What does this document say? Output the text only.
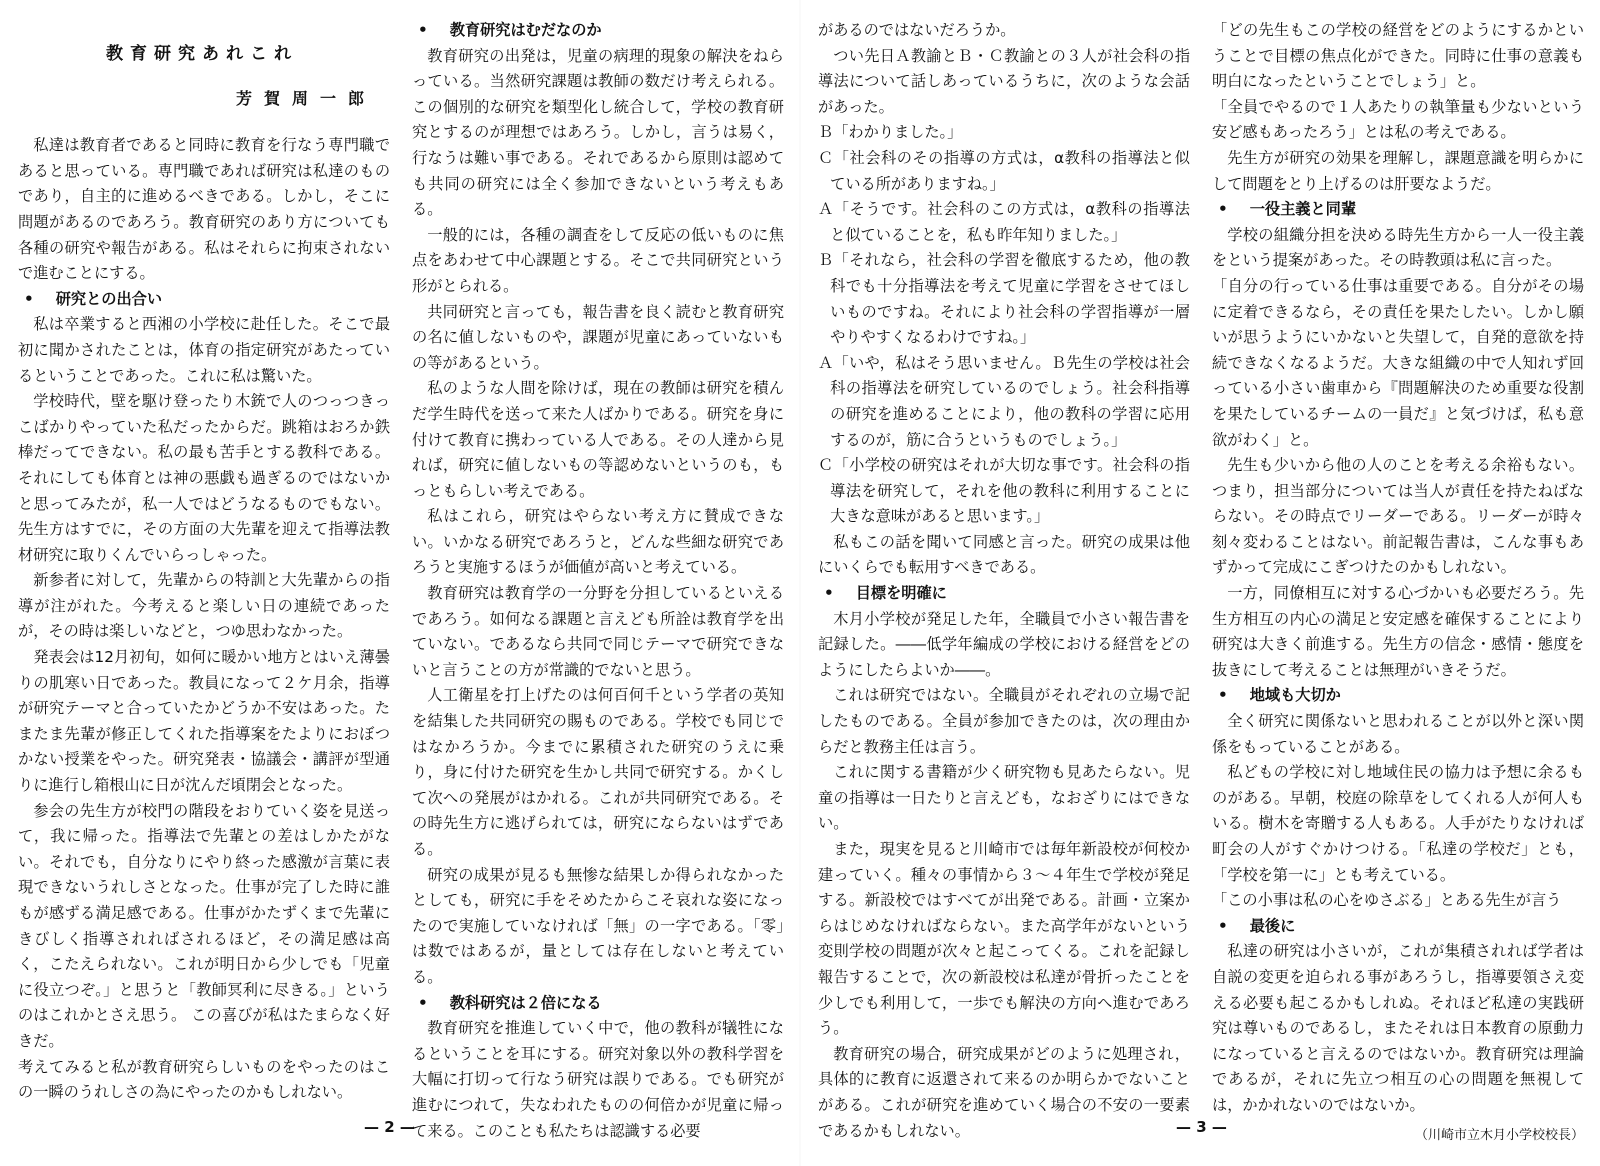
教育研究あれこれ

芳賀周一郎

私達は教育者であると同時に教育を行なう専門職であると思っている。専門職であれば研究は私達のものであり，自主的に進めるべきである。しかし，そこに問題があるのであろう。教育研究のあり方についても各種の研究や報告がある。私はそれらに拘束されないで進むことにする。

• 研究との出合い

私は卒業すると西湘の小学校に赴任した。そこで最初に聞かされたことは，体育の指定研究があたっているということであった。これに私は驚いた。

学校時代，壁を駆け登ったり木銃で人のつっつきっこばかりやっていた私だったからだ。跳箱はおろか鉄棒だってできない。私の最も苦手とする教科である。それにしても体育とは神の悪戯も過ぎるのではないかと思ってみたが，私一人ではどうなるものでもない。先生方はすでに，その方面の大先輩を迎えて指導法教材研究に取りくんでいらっしゃった。

新参者に対して，先輩からの特訓と大先輩からの指導が注がれた。今考えると楽しい日の連続であったが，その時は楽しいなどと，つゆ思わなかった。

発表会は12月初旬，如何に暖かい地方とはいえ薄曇りの肌寒い日であった。教員になって２ケ月余，指導が研究テーマと合っていたかどうか不安はあった。たまたま先輩が修正してくれた指導案をたよりにおぼつかない授業をやった。研究発表・協議会・講評が型通りに進行し箱根山に日が沈んだ頃閉会となった。

参会の先生方が校門の階段をおりていく姿を見送って，我に帰った。指導法で先輩との差はしかたがない。それでも，自分なりにやり終った感激が言葉に表現できないうれしさとなった。仕事が完了した時に誰もが感ずる満足感である。仕事がかたずくまで先輩にきびしく指導されればされるほど，その満足感は高く，こたえられない。これが明日から少しでも「児童に役立つぞ。」と思うと「教師冥利に尽きる。」というのはこれかとさえ思う。 この喜びが私はたまらなく好きだ。

考えてみると私が教育研究らしいものをやったのはこの一瞬のうれしさの為にやったのかもしれない。

• 教育研究はむだなのか

教育研究の出発は，児童の病理的現象の解決をねらっている。当然研究課題は教師の数だけ考えられる。この個別的な研究を類型化し統合して，学校の教育研究とするのが理想ではあろう。しかし，言うは易く，行なうは難い事である。それであるから原則は認めても共同の研究には全く参加できないという考えもある。

一般的には，各種の調査をして反応の低いものに焦点をあわせて中心課題とする。そこで共同研究という形がとられる。

共同研究と言っても，報告書を良く読むと教育研究の名に値しないものや，課題が児童にあっていないもの等があるという。

私のような人間を除けば，現在の教師は研究を積んだ学生時代を送って来た人ばかりである。研究を身に付けて教育に携わっている人である。その人達から見れば，研究に値しないもの等認めないというのも，もっともらしい考えである。

私はこれら，研究はやらない考え方に賛成できない。いかなる研究であろうと，どんな些細な研究であろうと実施するほうが価値が高いと考えている。

教育研究は教育学の一分野を分担しているといえるであろう。如何なる課題と言えども所詮は教育学を出ていない。であるなら共同で同じテーマで研究できないと言うことの方が常識的でないと思う。

人工衛星を打上げたのは何百何千という学者の英知を結集した共同研究の賜ものである。学校でも同じではなかろうか。今までに累積された研究のうえに乗り，身に付けた研究を生かし共同で研究する。かくして次への発展がはかれる。これが共同研究である。その時先生方に逃げられては，研究にならないはずである。

研究の成果が見るも無惨な結果しか得られなかったとしても，研究に手をそめたからこそ哀れな姿になったので実施していなければ「無」の一字である。「零」は数ではあるが，量としては存在しないと考えている。

• 教科研究は２倍になる

教育研究を推進していく中で，他の教科が犠牲になるということを耳にする。研究対象以外の教科学習を大幅に打切って行なう研究は誤りである。でも研究が進むにつれて，失なわれたものの何倍かが児童に帰って来る。このことも私たちは認識する必要

があるのではないだろうか。

つい先日Ａ教諭とＢ・Ｃ教諭との３人が社会科の指導法について話しあっているうちに，次のような会話があった。

Ｂ「わかりました。」

Ｃ「社会科のその指導の方式は，α教科の指導法と似ている所がありますね。」

Ａ「そうです。社会科のこの方式は，α教科の指導法と似ていることを，私も昨年知りました。」

Ｂ「それなら，社会科の学習を徹底するため，他の教科でも十分指導法を考えて児童に学習をさせてほしいものですね。それにより社会科の学習指導が一層やりやすくなるわけですね。」

Ａ「いや，私はそう思いません。Ｂ先生の学校は社会科の指導法を研究しているのでしょう。社会科指導の研究を進めることにより，他の教科の学習に応用するのが，筋に合うというものでしょう。」

Ｃ「小学校の研究はそれが大切な事です。社会科の指導法を研究して，それを他の教科に利用することに大きな意味があると思います。」

私もこの話を聞いて同感と言った。研究の成果は他にいくらでも転用すべきである。

• 目標を明確に

木月小学校が発足した年，全職員で小さい報告書を記録した。――低学年編成の学校における経営をどのようにしたらよいか――。

これは研究ではない。全職員がそれぞれの立場で記したものである。全員が参加できたのは，次の理由からだと教務主任は言う。

これに関する書籍が少く研究物も見あたらない。児童の指導は一日たりと言えども，なおざりにはできない。

また，現実を見ると川崎市では毎年新設校が何校か建っていく。種々の事情から３～４年生で学校が発足する。新設校ではすべてが出発である。計画・立案からはじめなければならない。また高学年がないという変則学校の問題が次々と起こってくる。これを記録し報告することで，次の新設校は私達が骨折ったことを少しでも利用して，一歩でも解決の方向へ進むであろう。

教育研究の場合，研究成果がどのように処理され，具体的に教育に返還されて来るのか明らかでないことがある。これが研究を進めていく場合の不安の一要素であるかもしれない。

「どの先生もこの学校の経営をどのようにするかということで目標の焦点化ができた。同時に仕事の意義も明白になったということでしょう」と。

「全員でやるので１人あたりの執筆量も少ないという安ど感もあったろう」とは私の考えである。

先生方が研究の効果を理解し，課題意識を明らかにして問題をとり上げるのは肝要なようだ。

• 一役主義と同輩

学校の組織分担を決める時先生方から一人一役主義をという提案があった。その時教頭は私に言った。

「自分の行っている仕事は重要である。自分がその場に定着できるなら，その責任を果たしたい。しかし願いが思うようにいかないと失望して，自発的意欲を持続できなくなるようだ。大きな組織の中で人知れず回っている小さい歯車から『問題解決のため重要な役割を果たしているチームの一員だ』と気づけば，私も意欲がわく」と。

先生も少いから他の人のことを考える余裕もない。つまり，担当部分については当人が責任を持たねばならない。その時点でリーダーである。リーダーが時々刻々変わることはない。前記報告書は，こんな事もあずかって完成にこぎつけたのかもしれない。

一方，同僚相互に対する心づかいも必要だろう。先生方相互の内心の満足と安定感を確保することにより研究は大きく前進する。先生方の信念・感情・態度を抜きにして考えることは無理がいきそうだ。

• 地域も大切か

全く研究に関係ないと思われることが以外と深い関係をもっていることがある。

私どもの学校に対し地域住民の協力は予想に余るものがある。早朝，校庭の除草をしてくれる人が何人もいる。樹木を寄贈する人もある。人手がたりなければ町会の人がすぐかけつける。「私達の学校だ」とも，「学校を第一に」とも考えている。

「この小事は私の心をゆさぶる」とある先生が言う

• 最後に

私達の研究は小さいが，これが集積されれば学者は自説の変更を迫られる事があろうし，指導要領さえ変える必要も起こるかもしれぬ。それほど私達の実践研究は尊いものであるし，またそれは日本教育の原動力になっていると言えるのではないか。教育研究は理論であるが，それに先立つ相互の心の問題を無視しては，かかれないのではないか。

（川崎市立木月小学校校長）

— 2 —	— 3 —
